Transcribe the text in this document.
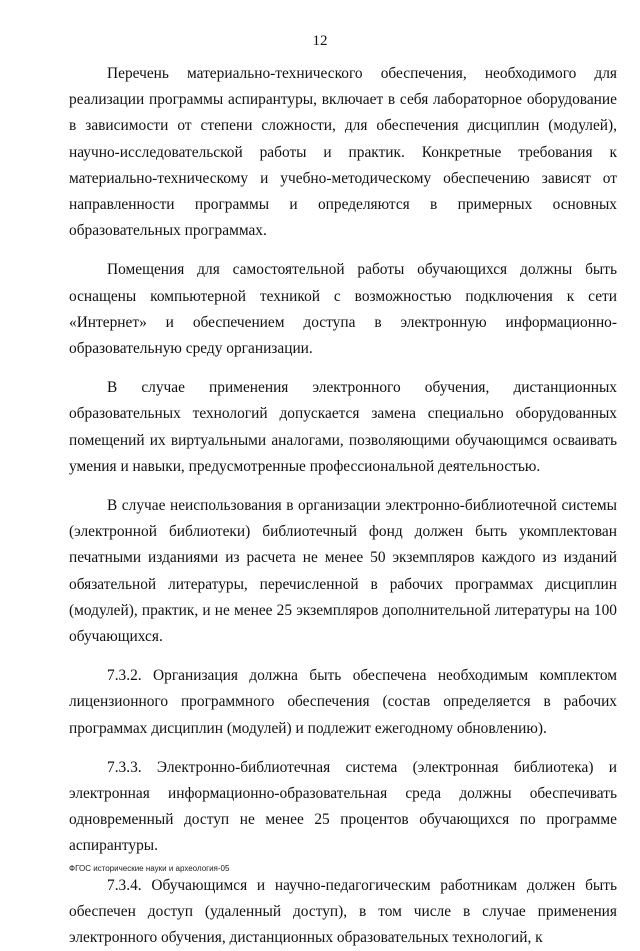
12

Перечень материально-технического обеспечения, необходимого для реализации программы аспирантуры, включает в себя лабораторное оборудование в зависимости от степени сложности, для обеспечения дисциплин (модулей), научно-исследовательской работы и практик. Конкретные требования к материально-техническому и учебно-методическому обеспечению зависят от направленности программы и определяются в примерных основных образовательных программах.

Помещения для самостоятельной работы обучающихся должны быть оснащены компьютерной техникой с возможностью подключения к сети «Интернет» и обеспечением доступа в электронную информационно-образовательную среду организации.

В случае применения электронного обучения, дистанционных образовательных технологий допускается замена специально оборудованных помещений их виртуальными аналогами, позволяющими обучающимся осваивать умения и навыки, предусмотренные профессиональной деятельностью.

В случае неиспользования в организации электронно-библиотечной системы (электронной библиотеки) библиотечный фонд должен быть укомплектован печатными изданиями из расчета не менее 50 экземпляров каждого из изданий обязательной литературы, перечисленной в рабочих программах дисциплин (модулей), практик, и не менее 25 экземпляров дополнительной литературы на 100 обучающихся.

7.3.2. Организация должна быть обеспечена необходимым комплектом лицензионного программного обеспечения (состав определяется в рабочих программах дисциплин (модулей) и подлежит ежегодному обновлению).

7.3.3. Электронно-библиотечная система (электронная библиотека) и электронная информационно-образовательная среда должны обеспечивать одновременный доступ не менее 25 процентов обучающихся по программе аспирантуры.

7.3.4. Обучающимся и научно-педагогическим работникам должен быть обеспечен доступ (удаленный доступ), в том числе в случае применения электронного обучения, дистанционных образовательных технологий, к

ФГОС исторические науки и археология-05
